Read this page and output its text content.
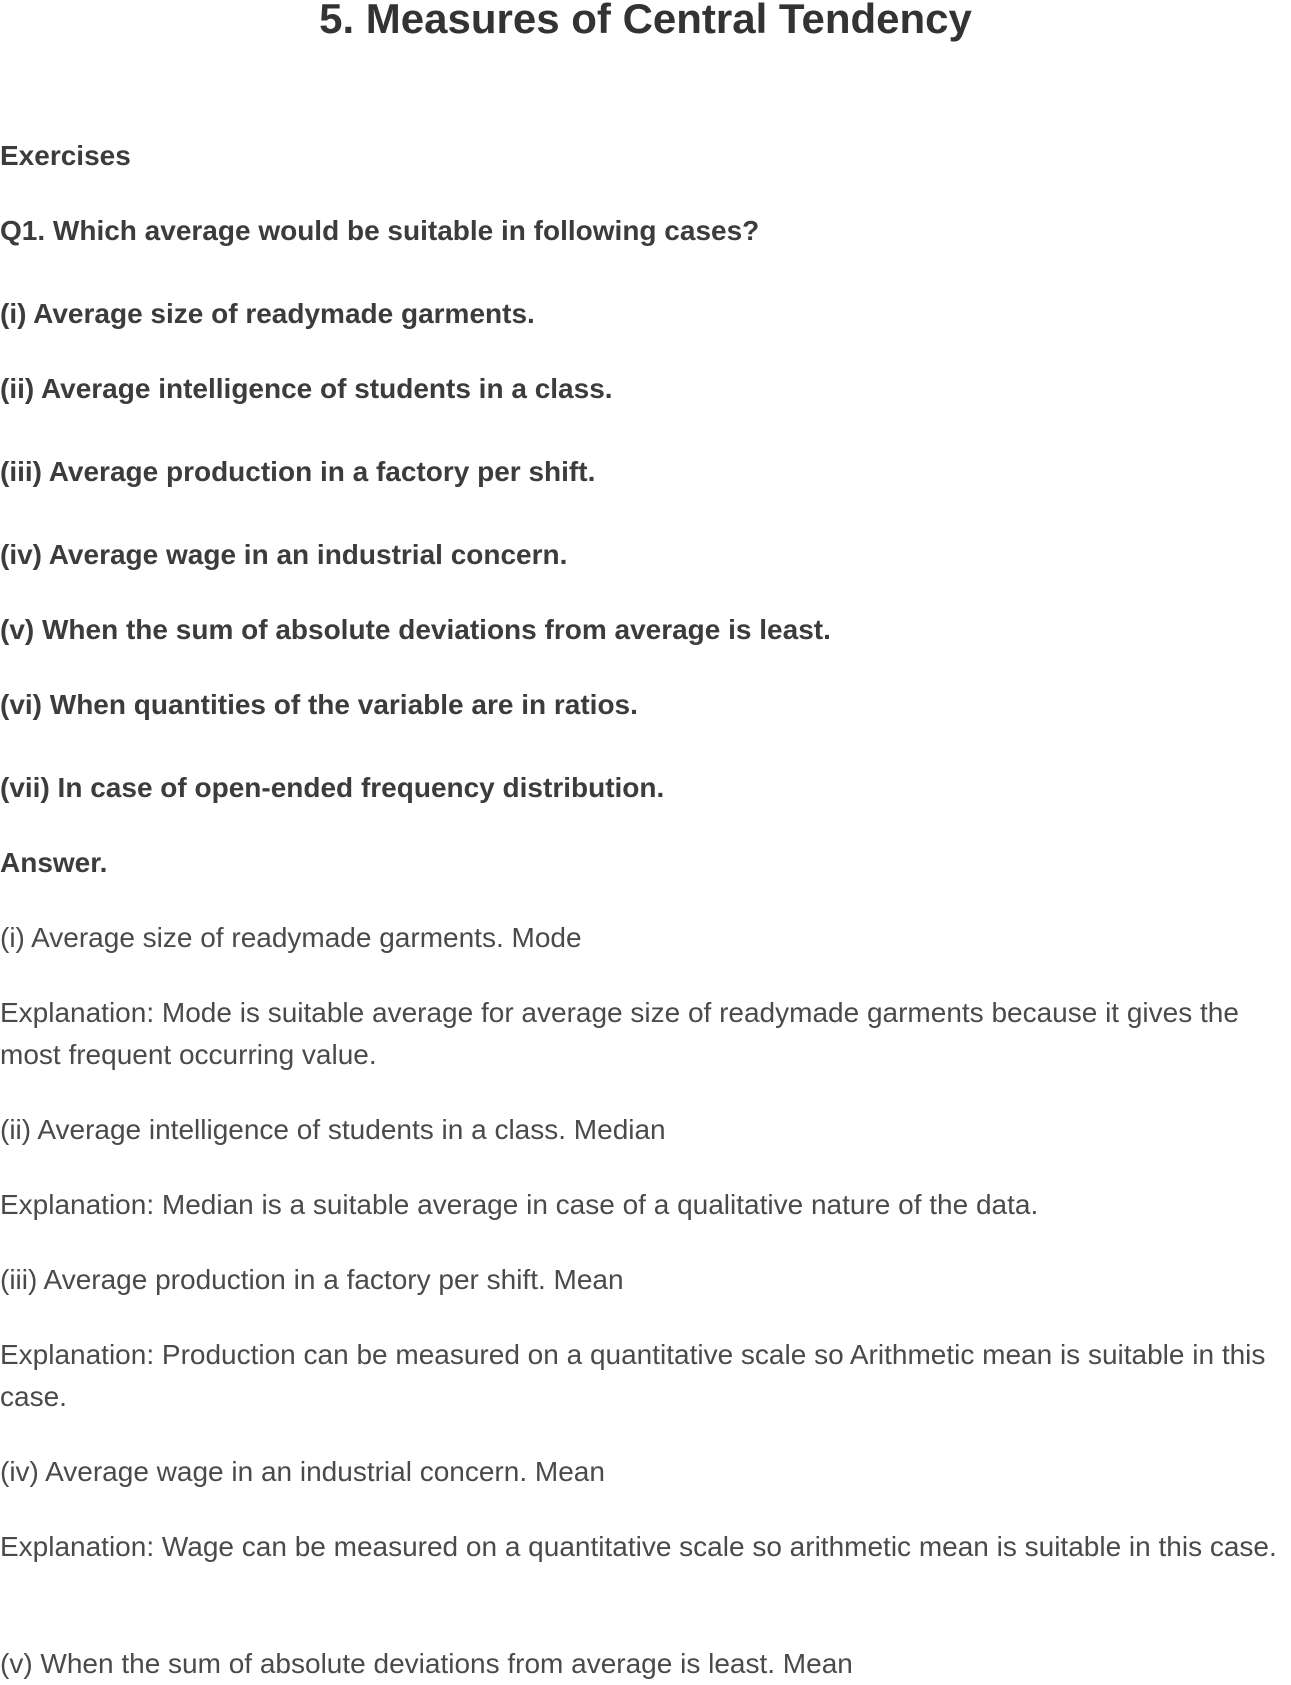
5. Measures of Central Tendency

Exercises

Q1. Which average would be suitable in following cases?

(i) Average size of readymade garments.

(ii) Average intelligence of students in a class.

(iii) Average production in a factory per shift.

(iv) Average wage in an industrial concern.

(v) When the sum of absolute deviations from average is least.

(vi) When quantities of the variable are in ratios.

(vii) In case of open-ended frequency distribution.

Answer.

(i) Average size of readymade garments. Mode

Explanation: Mode is suitable average for average size of readymade garments because it gives the most frequent occurring value.

(ii) Average intelligence of students in a class. Median

Explanation: Median is a suitable average in case of a qualitative nature of the data.

(iii) Average production in a factory per shift. Mean

Explanation: Production can be measured on a quantitative scale so Arithmetic mean is suitable in this case.

(iv) Average wage in an industrial concern. Mean

Explanation: Wage can be measured on a quantitative scale so arithmetic mean is suitable in this case.

(v) When the sum of absolute deviations from average is least. Mean
